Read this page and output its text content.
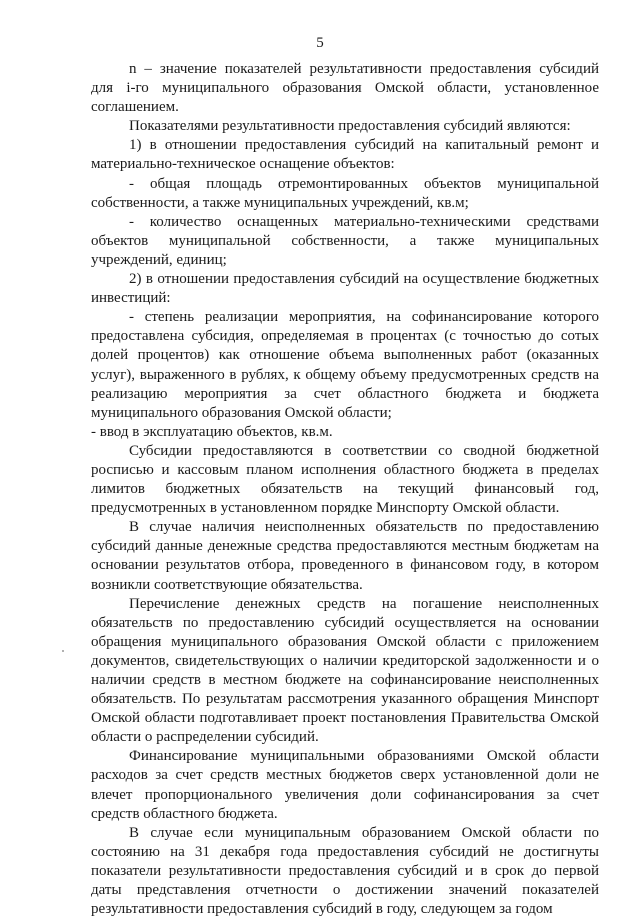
5

n – значение показателей результативности предоставления субсидий для i-го муниципального образования Омской области, установленное соглашением.

Показателями результативности предоставления субсидий являются:

1) в отношении предоставления субсидий на капитальный ремонт и материально-техническое оснащение объектов:

- общая площадь отремонтированных объектов муниципальной собственности, а также муниципальных учреждений, кв.м;

- количество оснащенных материально-техническими средствами объектов муниципальной собственности, а также муниципальных учреждений, единиц;

2) в отношении предоставления субсидий на осуществление бюджетных инвестиций:

- степень реализации мероприятия, на софинансирование которого предоставлена субсидия, определяемая в процентах (с точностью до сотых долей процентов) как отношение объема выполненных работ (оказанных услуг), выраженного в рублях, к общему объему предусмотренных средств на реализацию мероприятия за счет областного бюджета и бюджета муниципального образования Омской области;

- ввод в эксплуатацию объектов, кв.м.

Субсидии предоставляются в соответствии со сводной бюджетной росписью и кассовым планом исполнения областного бюджета в пределах лимитов бюджетных обязательств на текущий финансовый год, предусмотренных в установленном порядке Минспорту Омской области.

В случае наличия неисполненных обязательств по предоставлению субсидий данные денежные средства предоставляются местным бюджетам на основании результатов отбора, проведенного в финансовом году, в котором возникли соответствующие обязательства.

Перечисление денежных средств на погашение неисполненных обязательств по предоставлению субсидий осуществляется на основании обращения муниципального образования Омской области с приложением документов, свидетельствующих о наличии кредиторской задолженности и о наличии средств в местном бюджете на софинансирование неисполненных обязательств. По результатам рассмотрения указанного обращения Минспорт Омской области подготавливает проект постановления Правительства Омской области о распределении субсидий.

Финансирование муниципальными образованиями Омской области расходов за счет средств местных бюджетов сверх установленной доли не влечет пропорционального увеличения доли софинансирования за счет средств областного бюджета.

В случае если муниципальным образованием Омской области по состоянию на 31 декабря года предоставления субсидий не достигнуты показатели результативности предоставления субсидий и в срок до первой даты представления отчетности о достижении значений показателей результативности предоставления субсидий в году, следующем за годом
